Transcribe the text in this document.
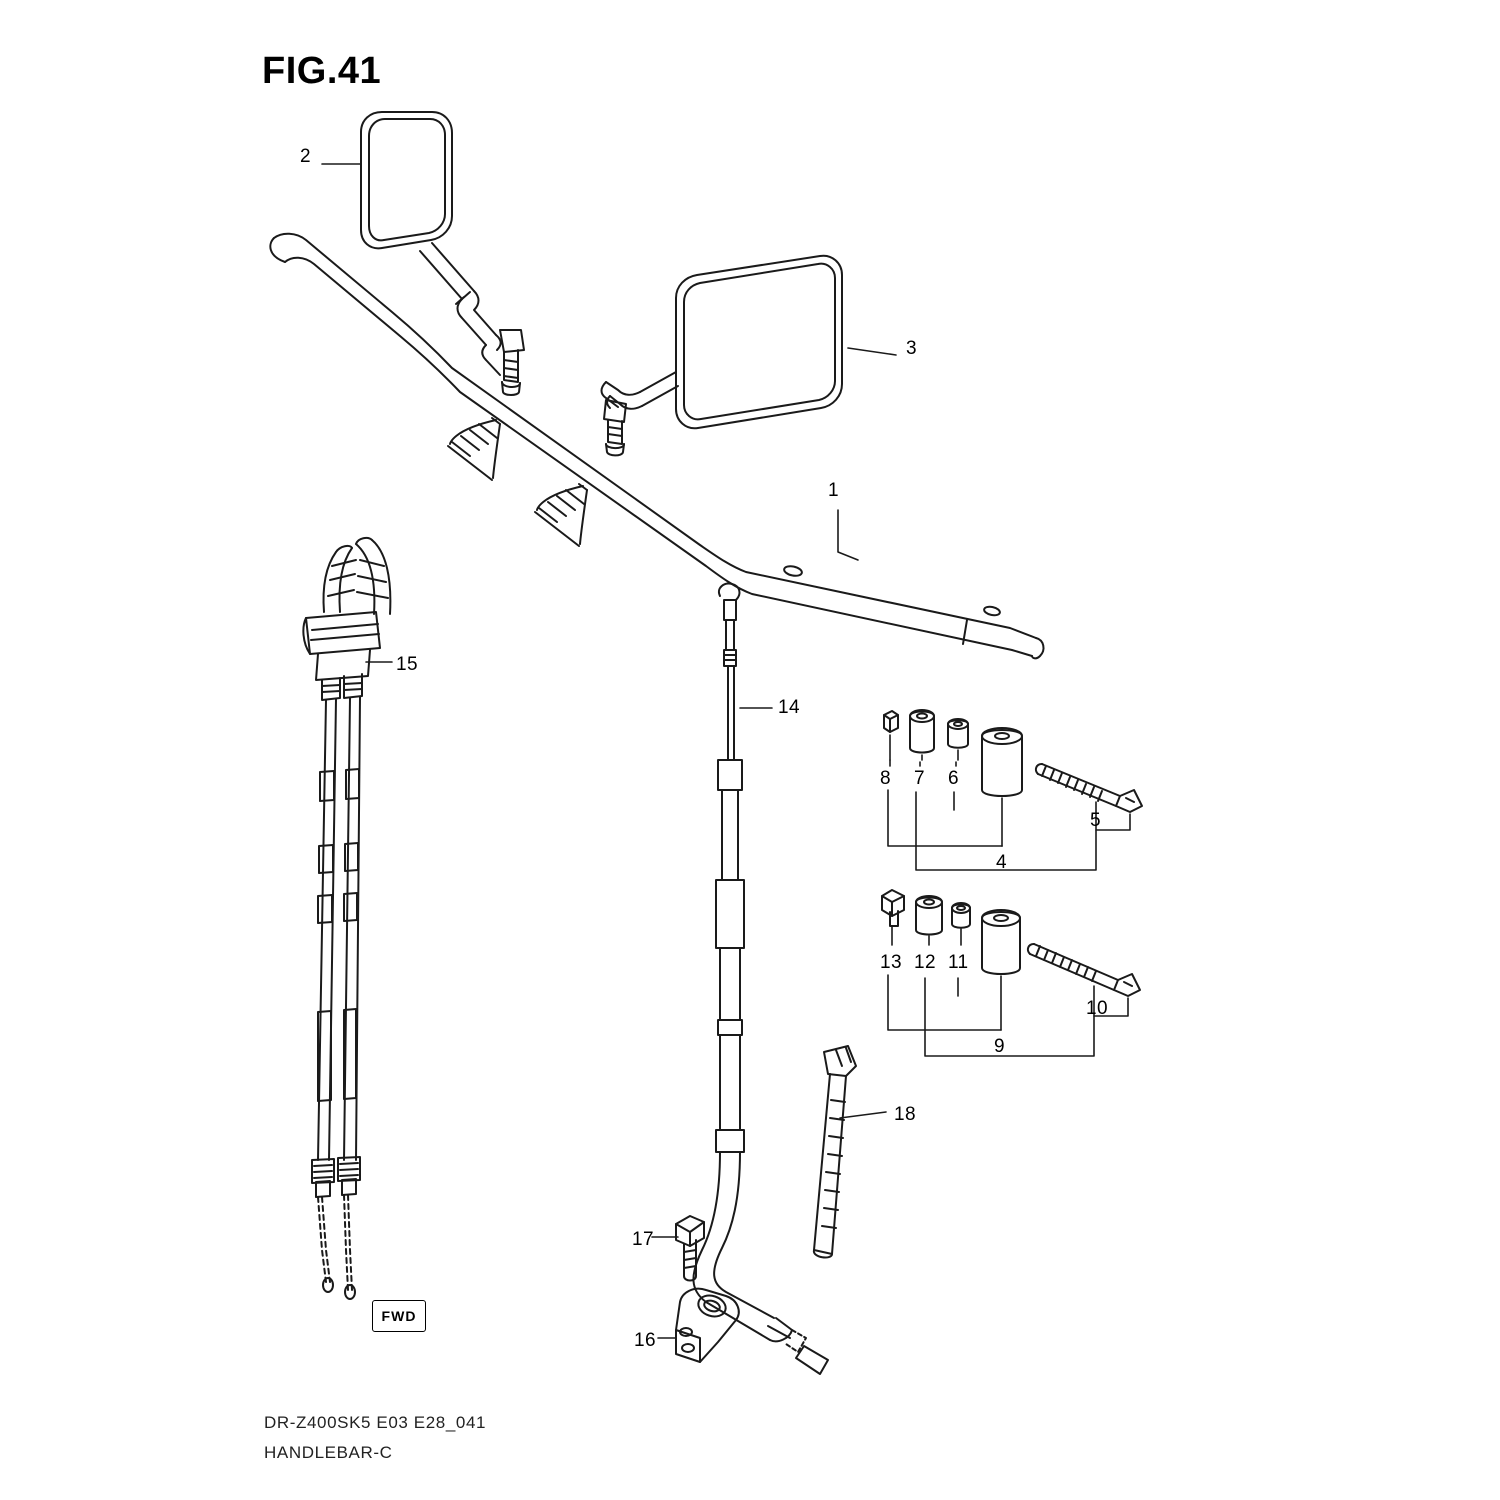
FIG.41
1
2
3
4
5
6
7
8
9
10
11
12
13
14
15
16
17
18
FWD
DR-Z400SK5 E03 E28_041
HANDLEBAR-C
